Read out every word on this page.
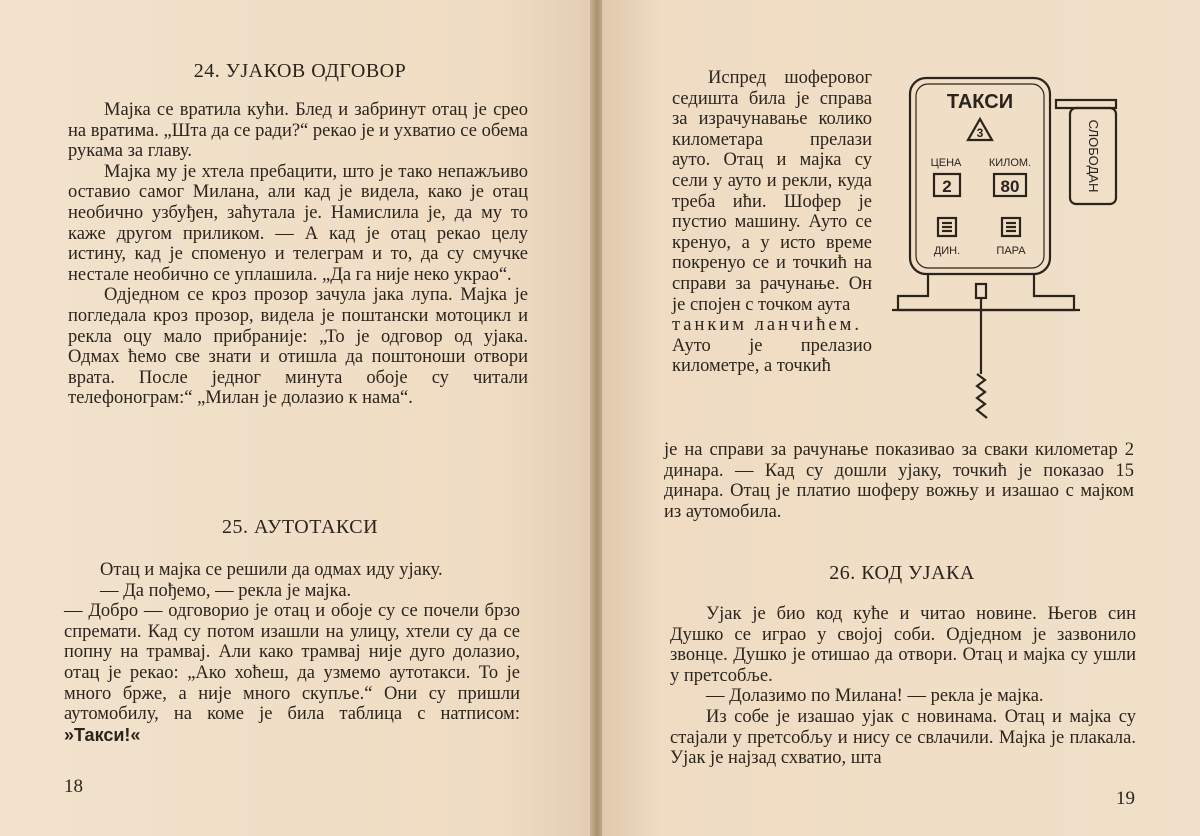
24. УЈАКОВ ОДГОВОР

Мајка се вратила кући. Блед и забринут отац је среo на вратима. „Шта да се ради?“ рекао је и ухватио се обема рукама за главу.

Мајка му је хтела пребацити, што је тако непажљиво оставио самог Милана, али кад је видела, како је отац необично узбуђен, заћутала је. Намислила је, да му то каже другом приликом. — А кад је отац рекао целу истину, кад је споменуо и телеграм и то, да су смучке нестале необично се уплашила. „Да га није неко украо“.

Одједном се кроз прозор зачула јака лупа. Мајка је погледала кроз прозор, видела је поштански мотоцикл и рекла оцу мало прибраније: „То је одговор од ујака. Одмах ћемо све знати и отишла да поштоноши отвори врата. После једног минута обоје су читали телефонограм:“ „Милан је долазио к нама“.

25. АУТОТАКСИ

Отац и мајка се решили да одмах иду ујаку.

— Да пођемо, — рекла је мајка.

— Добро — одговорио је отац и обоје су се почели брзо спремати. Кад су потом изашли на улицу, хтели су да се попну на трамвај. Али како трамвај није дуго долазио, отац је рекао: „Ако хоћеш, да узмемо аутотакси. То је много брже, а није много скупље.“ Они су пришли аутомобилу, на коме је била таблица с натписом:

»Такси!«
18

Испред шоферовог седишта била је справа за израчунавање колико километара прелази ауто. Отац и мајка су сели у ауто и рекли, куда треба ићи. Шофер је пустио машину. Ауто се кренуо, а у исто време покренуо се и точкић на справи за рачунање. Он је спојен с точком аута

танким ланчићем.

Ауто је прелазио километре, а точкић

је на справи за рачунање показивао за сваки километар 2 динара. — Кад су дошли ујаку, точкић је показао 15 динара. Отац је платио шоферу вожњу и изашао с мајком из аутомобила.

26. КОД УЈАКА

Ујак је био код куће и читао новине. Његов син Душко се играо у својој соби. Одједном је зазвонило звонце. Душко је отишао да отвори. Отац и мајка су ушли у претсобље.

— Долазимо по Милана! — рекла је мајка.

Из собе је изашао ујак с новинама. Отац и мајка су стајали у претсобљу и нису се свлачили. Мајка је плакала. Ујак је најзад схватио, шта

19
ТАКСИ
3
ЦЕНА КИЛОМ.
2	80
ДИН.	ПАРА
СЛОБОДАН
